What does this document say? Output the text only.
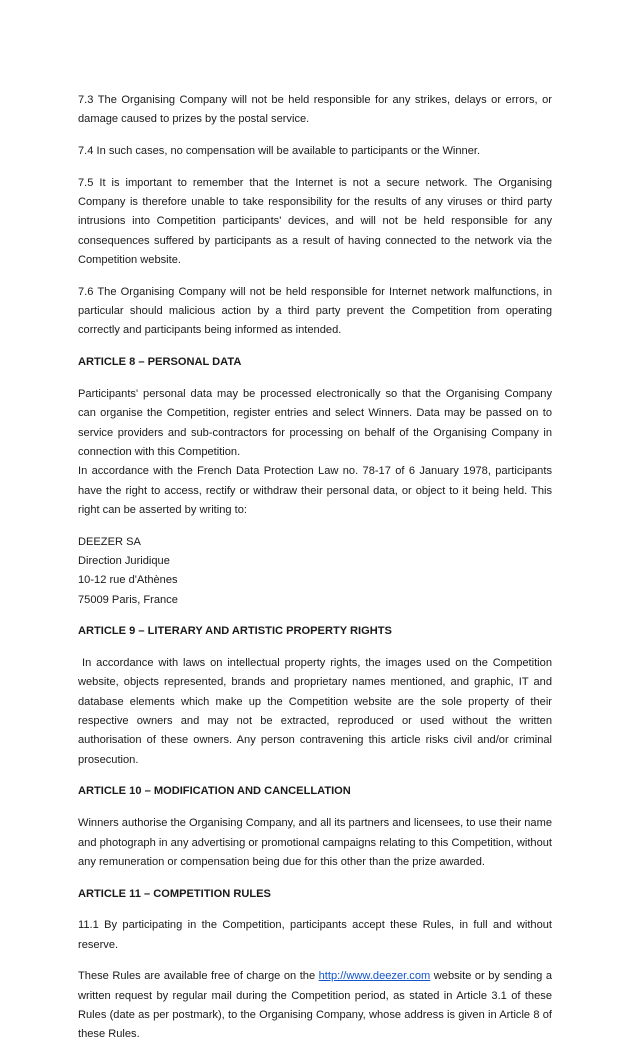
7.3 The Organising Company will not be held responsible for any strikes, delays or errors, or damage caused to prizes by the postal service.

7.4 In such cases, no compensation will be available to participants or the Winner.

7.5 It is important to remember that the Internet is not a secure network. The Organising Company is therefore unable to take responsibility for the results of any viruses or third party intrusions into Competition participants' devices, and will not be held responsible for any consequences suffered by participants as a result of having connected to the network via the Competition website.

7.6 The Organising Company will not be held responsible for Internet network malfunctions, in particular should malicious action by a third party prevent the Competition from operating correctly and participants being informed as intended.

ARTICLE 8 – PERSONAL DATA

Participants' personal data may be processed electronically so that the Organising Company can organise the Competition, register entries and select Winners. Data may be passed on to service providers and sub-contractors for processing on behalf of the Organising Company in connection with this Competition.

In accordance with the French Data Protection Law no. 78-17 of 6 January 1978, participants have the right to access, rectify or withdraw their personal data, or object to it being held. This right can be asserted by writing to:

DEEZER SA

Direction Juridique

10-12 rue d'Athènes

75009 Paris, France

ARTICLE 9 – LITERARY AND ARTISTIC PROPERTY RIGHTS

In accordance with laws on intellectual property rights, the images used on the Competition website, objects represented, brands and proprietary names mentioned, and graphic, IT and database elements which make up the Competition website are the sole property of their respective owners and may not be extracted, reproduced or used without the written authorisation of these owners. Any person contravening this article risks civil and/or criminal prosecution.

ARTICLE 10 – MODIFICATION AND CANCELLATION

Winners authorise the Organising Company, and all its partners and licensees, to use their name and photograph in any advertising or promotional campaigns relating to this Competition, without any remuneration or compensation being due for this other than the prize awarded.

ARTICLE 11 – COMPETITION RULES

11.1 By participating in the Competition, participants accept these Rules, in full and without reserve.

These Rules are available free of charge on the http://www.deezer.com website or by sending a written request by regular mail during the Competition period, as stated in Article 3.1 of these Rules (date as per postmark), to the Organising Company, whose address is given in Article 8 of these Rules.
